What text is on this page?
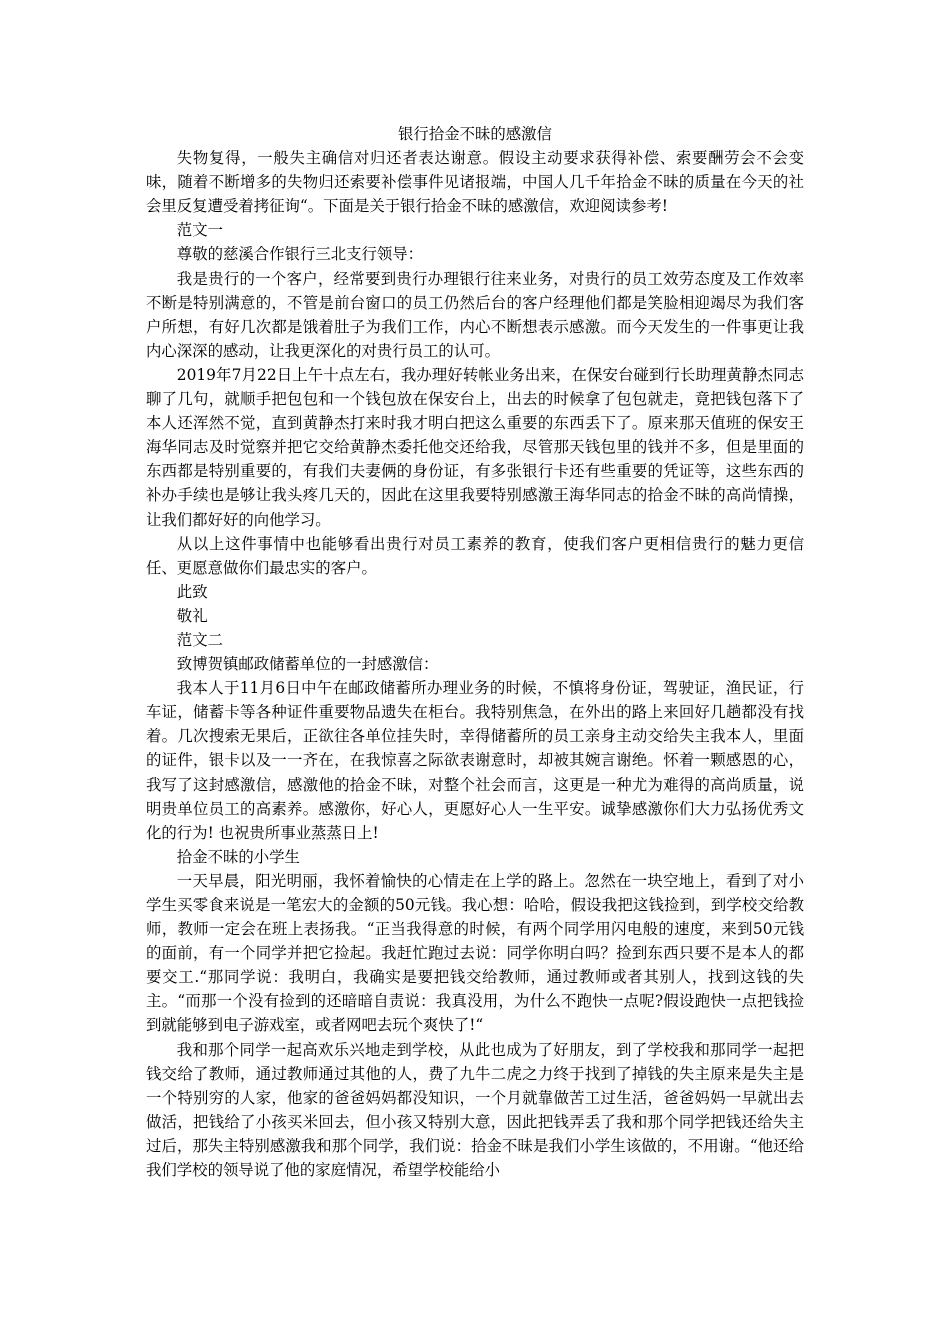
银行拾金不昧的感激信

失物复得，一般失主确信对归还者表达谢意。假设主动要求获得补偿、索要酬劳会不会变味，随着不断增多的失物归还索要补偿事件见诸报端，中国人几千年拾金不昧的质量在今天的社会里反复遭受着拷征询“。下面是关于银行拾金不昧的感激信，欢迎阅读参考!

范文一

尊敬的慈溪合作银行三北支行领导：

我是贵行的一个客户，经常要到贵行办理银行往来业务，对贵行的员工效劳态度及工作效率不断是特别满意的，不管是前台窗口的员工仍然后台的客户经理他们都是笑脸相迎竭尽为我们客户所想，有好几次都是饿着肚子为我们工作，内心不断想表示感激。而今天发生的一件事更让我内心深深的感动，让我更深化的对贵行员工的认可。

2019年7月22日上午十点左右，我办理好转帐业务出来，在保安台碰到行长助理黄静杰同志聊了几句，就顺手把包包和一个钱包放在保安台上，出去的时候拿了包包就走，竟把钱包落下了本人还浑然不觉，直到黄静杰打来时我才明白把这么重要的东西丢下了。原来那天值班的保安王海华同志及时觉察并把它交给黄静杰委托他交还给我，尽管那天钱包里的钱并不多，但是里面的东西都是特别重要的，有我们夫妻俩的身份证，有多张银行卡还有些重要的凭证等，这些东西的补办手续也是够让我头疼几天的，因此在这里我要特别感激王海华同志的拾金不昧的高尚情操，让我们都好好的向他学习。

从以上这件事情中也能够看出贵行对员工素养的教育，使我们客户更相信贵行的魅力更信任、更愿意做你们最忠实的客户。

此致

敬礼

范文二

致博贺镇邮政储蓄单位的一封感激信：

我本人于11月6日中午在邮政储蓄所办理业务的时候，不慎将身份证，驾驶证，渔民证，行车证，储蓄卡等各种证件重要物品遗失在柜台。我特别焦急，在外出的路上来回好几趟都没有找着。几次搜索无果后，正欲往各单位挂失时，幸得储蓄所的员工亲身主动交给失主我本人，里面的证件，银卡以及一一齐在，在我惊喜之际欲表谢意时，却被其婉言谢绝。怀着一颗感恩的心，我写了这封感激信，感激他的拾金不昧，对整个社会而言，这更是一种尤为难得的高尚质量，说明贵单位员工的高素养。感激你，好心人，更愿好心人一生平安。诚挚感激你们大力弘扬优秀文化的行为! 也祝贵所事业蒸蒸日上!

拾金不昧的小学生

一天早晨，阳光明丽，我怀着愉快的心情走在上学的路上。忽然在一块空地上，看到了对小学生买零食来说是一笔宏大的金额的50元钱。我心想：哈哈，假设我把这钱捡到，到学校交给教师，教师一定会在班上表扬我。“正当我得意的时候，有两个同学用闪电般的速度，来到50元钱的面前，有一个同学并把它捡起。我赶忙跑过去说：同学你明白吗？捡到东西只要不是本人的都要交工.“那同学说：我明白，我确实是要把钱交给教师，通过教师或者其别人，找到这钱的失主。“而那一个没有捡到的还暗暗自责说：我真没用，为什么不跑快一点呢?假设跑快一点把钱捡到就能够到电子游戏室，或者网吧去玩个爽快了!“

我和那个同学一起高欢乐兴地走到学校，从此也成为了好朋友，到了学校我和那同学一起把钱交给了教师，通过教师通过其他的人，费了九牛二虎之力终于找到了掉钱的失主原来是失主是一个特别穷的人家，他家的爸爸妈妈都没知识，一个月就靠做苦工过生活，爸爸妈妈一早就出去做活，把钱给了小孩买米回去，但小孩又特别大意，因此把钱弄丢了我和那个同学把钱还给失主过后，那失主特别感激我和那个同学，我们说：拾金不昧是我们小学生该做的，不用谢。“他还给我们学校的领导说了他的家庭情况，希望学校能给小
